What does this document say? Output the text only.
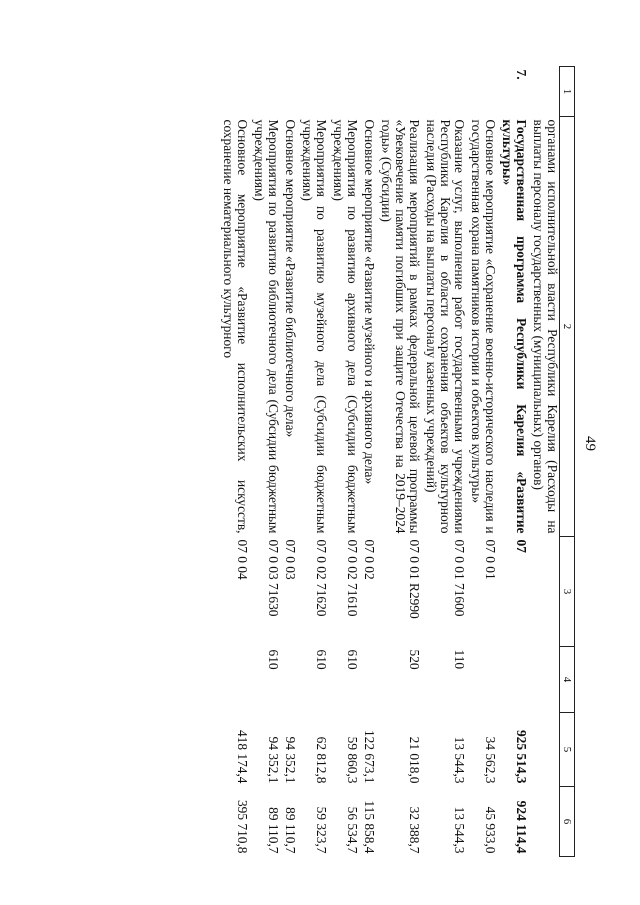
49
1	2	3	4	5	6
	органами исполнительной власти Республики Карелия (Расходы на выплаты персоналу государственных (муниципальных) органов)				
7.	Государственная программа Республики Карелия «Развитие культуры»	07		925 514,3	924 114,4
	Основное мероприятие «Сохранение военно-исторического наследия и государственная охрана памятников истории и объектов культуры»	07 0 01		34 562,3	45 933,0
	Оказание услуг, выполнение работ государственными учреждениями Республики Карелия в области сохранения объектов культурного наследия (Расходы на выплаты персоналу казенных учреждений)	07 0 01 71600	110	13 544,3	13 544,3
	Реализация мероприятий в рамках федеральной целевой программы «Увековечение памяти погибших при защите Отечества на 2019–2024 годы» (Субсидии)	07 0 01 R2990	520	21 018,0	32 388,7
	Основное мероприятие «Развитие музейного и архивного дела»	07 0 02		122 673,1	115 858,4
	Мероприятия по развитию архивного дела (Субсидии бюджетным учреждениям)	07 0 02 71610	610	59 860,3	56 534,7
	Мероприятия по развитию музейного дела (Субсидии бюджетным учреждениям)	07 0 02 71620	610	62 812,8	59 323,7
	Основное мероприятие «Развитие библиотечного дела»	07 0 03		94 352,1	89 110,7
	Мероприятия по развитию библиотечного дела (Субсидии бюджетным учреждениям)	07 0 03 71630	610	94 352,1	89 110,7
	Основное мероприятие «Развитие исполнительских искусств, сохранение нематериального культурного	07 0 04		418 174,4	395 710,8
